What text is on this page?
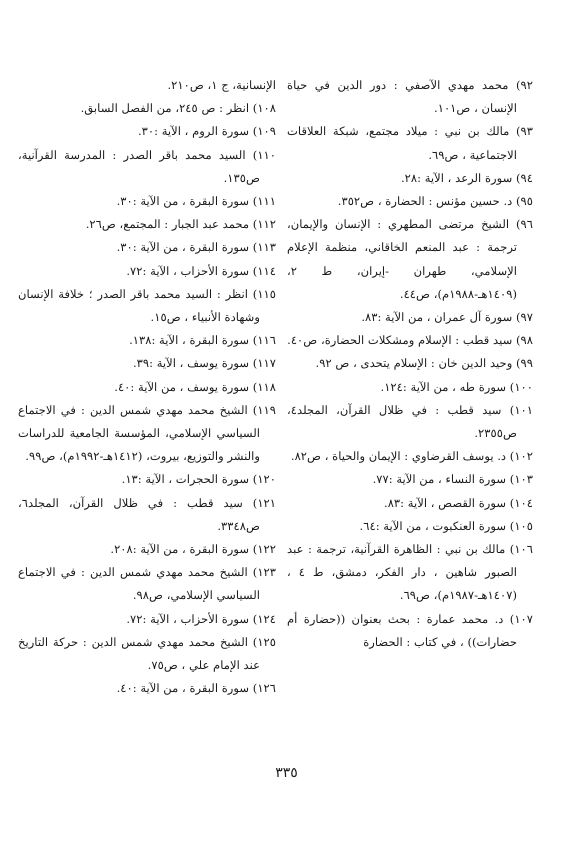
٩٢) محمد مهدي الآصفي : دور الدين في حياة الإنسان ، ص١٠١.

٩٣) مالك بن نبي : ميلاد مجتمع، شبكة العلاقات الاجتماعية ، ص٦٩.

٩٤) سورة الرعد ، الآية :٢٨.

٩٥) د. حسين مؤنس : الحضارة ، ص٣٥٢.

٩٦) الشيخ مرتضى المطهري : الإنسان والإيمان، ترجمة : عبد المنعم الخاقاني، منظمة الإعلام الإسلامي، طهران -إيران، ط ٢، (١٤٠٩هـ-١٩٨٨م)، ص٤٤.

٩٧) سورة آل عمران ، من الآية :٨٣.

٩٨) سيد قطب : الإسلام ومشكلات الحضارة، ص٤٠.

٩٩) وحيد الدين خان : الإسلام يتحدى ، ص ٩٢.

١٠٠) سورة طه ، من الآية :١٢٤.

١٠١) سيد قطب : في ظلال القرآن، المجلد٤، ص٢٣٥٥.

١٠٢) د. يوسف القرضاوي : الإيمان والحياة ، ص٨٢.

١٠٣) سورة النساء ، من الآية :٧٧.

١٠٤) سورة القصص ، الآية :٨٣.

١٠٥) سورة العنكبوت ، من الآية :٦٤.

١٠٦) مالك بن نبي : الظاهرة القرآنية، ترجمة : عبد الصبور شاهين ، دار الفكر، دمشق، ط ٤ ، (١٤٠٧هـ-١٩٨٧م)، ص٦٩.

١٠٧) د. محمد عمارة : بحث بعنوان ((حضارة أم حضارات)) ، في كتاب : الحضارة

الإنسانية، ج ١، ص٢١٠.

١٠٨) انظر : ص ٢٤٥، من الفصل السابق.

١٠٩) سورة الروم ، الآية :٣٠.

١١٠) السيد محمد باقر الصدر : المدرسة القرآنية، ص١٣٥.

١١١) سورة البقرة ، من الآية :٣٠.

١١٢) محمد عبد الجبار : المجتمع، ص٢٦.

١١٣) سورة البقرة ، من الآية :٣٠.

١١٤) سورة الأحزاب ، الآية :٧٢.

١١٥) انظر : السيد محمد باقر الصدر ؛ خلافة الإنسان وشهادة الأنبياء ، ص١٥.

١١٦) سورة البقرة ، الآية :١٣٨.

١١٧) سورة يوسف ، الآية :٣٩.

١١٨) سورة يوسف ، من الآية :٤٠.

١١٩) الشيخ محمد مهدي شمس الدين : في الاجتماع السياسي الإسلامي، المؤسسة الجامعية للدراسات والنشر والتوزيع، بيروت، (١٤١٢هـ-١٩٩٢م)، ص٩٩.

١٢٠) سورة الحجرات ، الآية :١٣.

١٢١) سيد قطب : في ظلال القرآن، المجلد٦، ص٣٣٤٨.

١٢٢) سورة البقرة ، من الآية :٢٠٨.

١٢٣) الشيخ محمد مهدي شمس الدين : في الاجتماع السياسي الإسلامي، ص٩٨.

١٢٤) سورة الأحزاب ، الآية :٧٢.

١٢٥) الشيخ محمد مهدي شمس الدين : حركة التاريخ عند الإمام علي ، ص٧٥.

١٢٦) سورة البقرة ، من الآية :٤٠.

٣٣٥
